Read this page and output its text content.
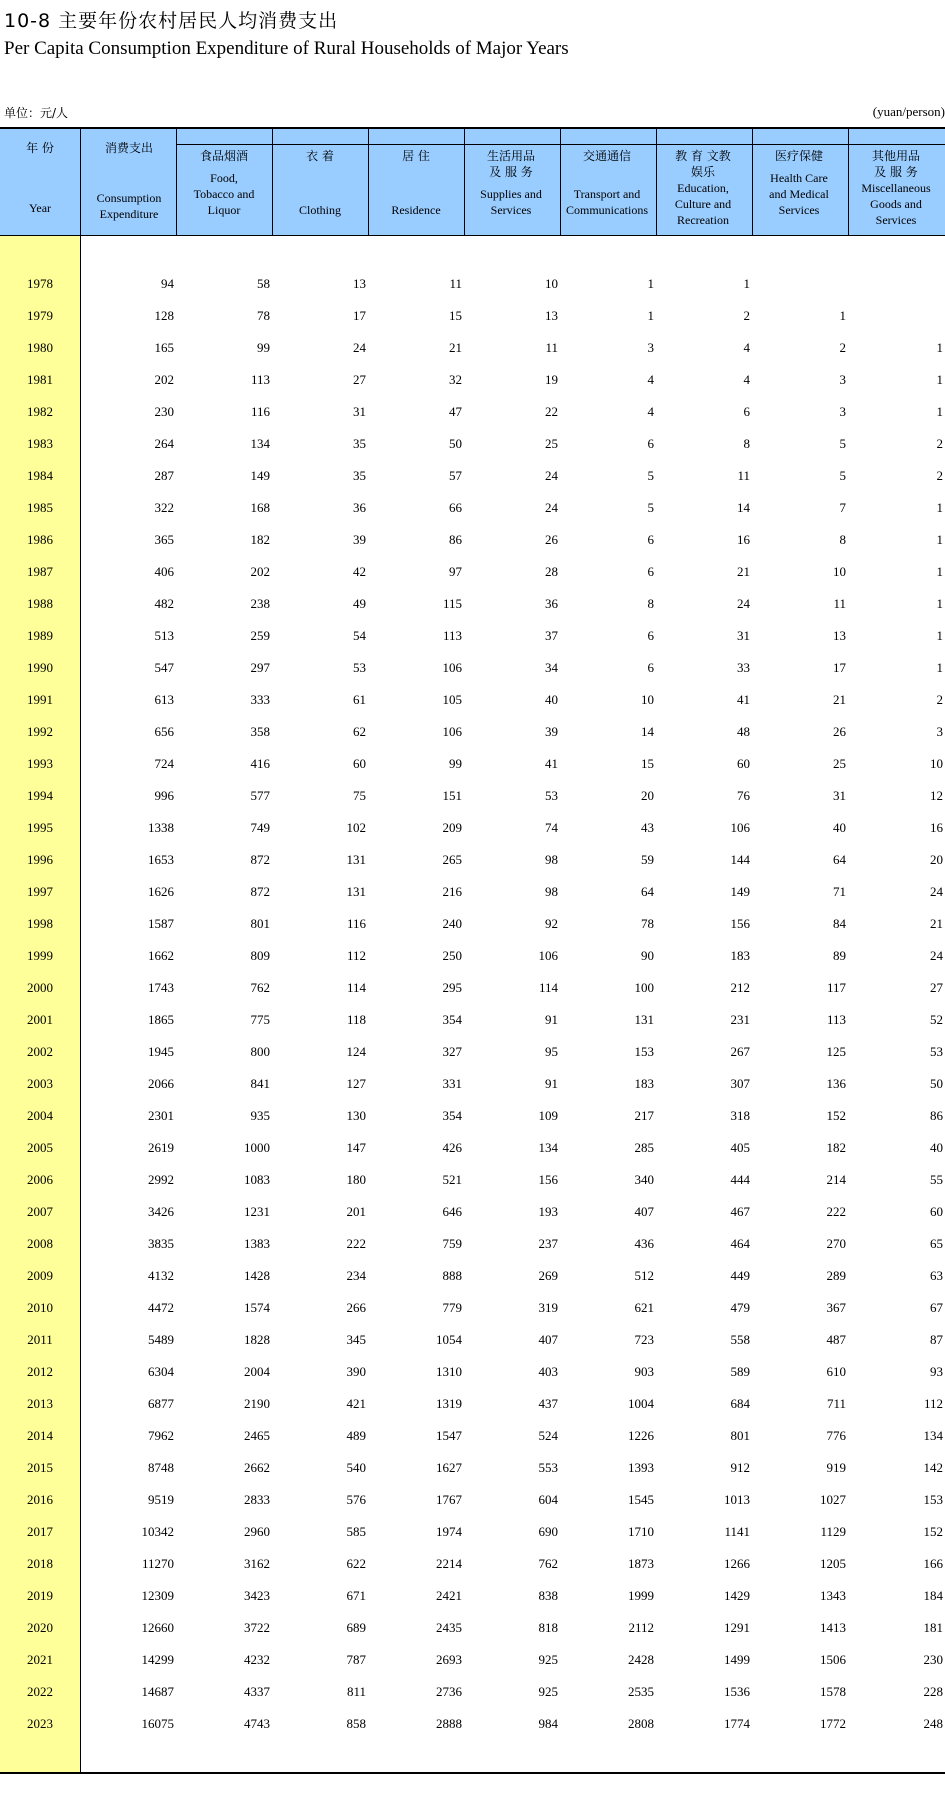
10-8 主要年份农村居民人均消费支出
Per Capita Consumption Expenditure of Rural Households of Major Years
单位：元/人	(yuan/person)
年 份
Year
消费支出
Consumption Expenditure
食品烟酒
Food, Tobacco and Liquor
衣 着
Clothing
居 住
Residence
生活用品 及 服 务
Supplies and Services
交通通信
Transport and Communications
教 育 文教娱乐
Education, Culture and Recreation
医疗保健
Health Care and Medical Services
其他用品 及 服 务
Miscellaneous Goods and Services
1978	94	58	13	11	10	1	1
1979	128	78	17	15	13	1	2	1
1980	165	99	24	21	11	3	4	2	1
1981	202	113	27	32	19	4	4	3	1
1982	230	116	31	47	22	4	6	3	1
1983	264	134	35	50	25	6	8	5	2
1984	287	149	35	57	24	5	11	5	2
1985	322	168	36	66	24	5	14	7	1
1986	365	182	39	86	26	6	16	8	1
1987	406	202	42	97	28	6	21	10	1
1988	482	238	49	115	36	8	24	11	1
1989	513	259	54	113	37	6	31	13	1
1990	547	297	53	106	34	6	33	17	1
1991	613	333	61	105	40	10	41	21	2
1992	656	358	62	106	39	14	48	26	3
1993	724	416	60	99	41	15	60	25	10
1994	996	577	75	151	53	20	76	31	12
1995	1338	749	102	209	74	43	106	40	16
1996	1653	872	131	265	98	59	144	64	20
1997	1626	872	131	216	98	64	149	71	24
1998	1587	801	116	240	92	78	156	84	21
1999	1662	809	112	250	106	90	183	89	24
2000	1743	762	114	295	114	100	212	117	27
2001	1865	775	118	354	91	131	231	113	52
2002	1945	800	124	327	95	153	267	125	53
2003	2066	841	127	331	91	183	307	136	50
2004	2301	935	130	354	109	217	318	152	86
2005	2619	1000	147	426	134	285	405	182	40
2006	2992	1083	180	521	156	340	444	214	55
2007	3426	1231	201	646	193	407	467	222	60
2008	3835	1383	222	759	237	436	464	270	65
2009	4132	1428	234	888	269	512	449	289	63
2010	4472	1574	266	779	319	621	479	367	67
2011	5489	1828	345	1054	407	723	558	487	87
2012	6304	2004	390	1310	403	903	589	610	93
2013	6877	2190	421	1319	437	1004	684	711	112
2014	7962	2465	489	1547	524	1226	801	776	134
2015	8748	2662	540	1627	553	1393	912	919	142
2016	9519	2833	576	1767	604	1545	1013	1027	153
2017	10342	2960	585	1974	690	1710	1141	1129	152
2018	11270	3162	622	2214	762	1873	1266	1205	166
2019	12309	3423	671	2421	838	1999	1429	1343	184
2020	12660	3722	689	2435	818	2112	1291	1413	181
2021	14299	4232	787	2693	925	2428	1499	1506	230
2022	14687	4337	811	2736	925	2535	1536	1578	228
2023	16075	4743	858	2888	984	2808	1774	1772	248
